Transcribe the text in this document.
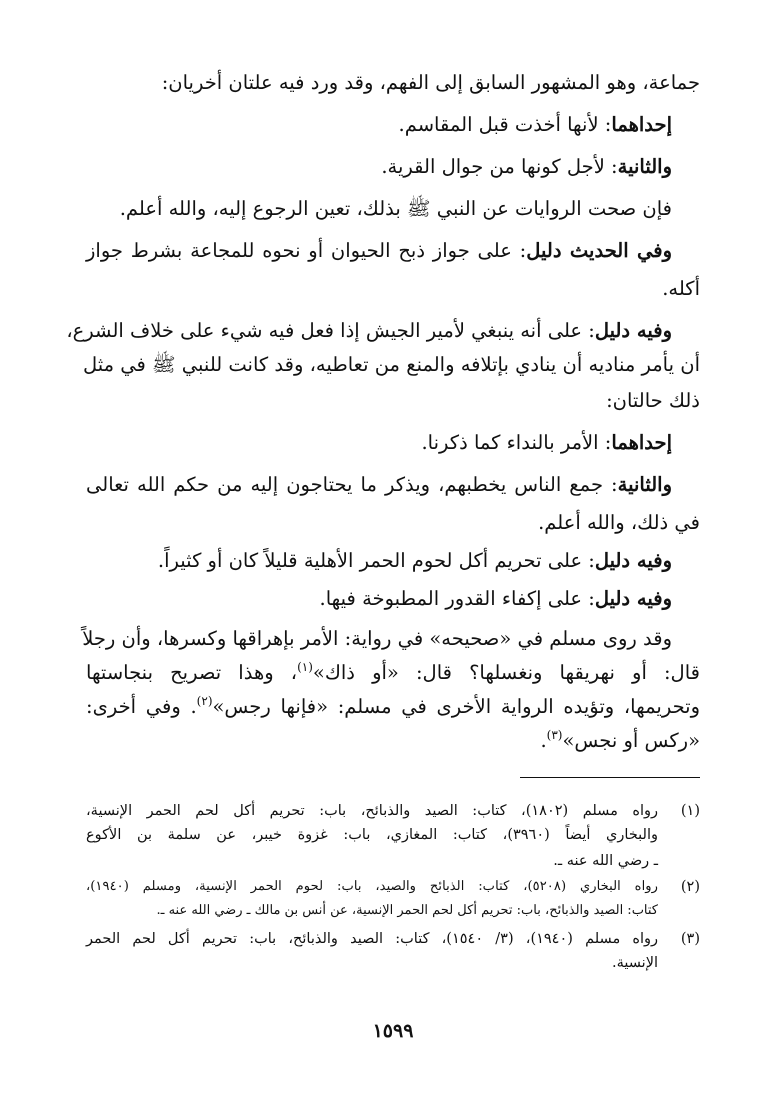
جماعة، وهو المشهور السابق إلى الفهم، وقد ورد فيه علتان أخريان:
إحداهما: لأنها أخذت قبل المقاسم.
والثانية: لأجل كونها من جوال القرية.
فإن صحت الروايات عن النبي ﷺ بذلك، تعين الرجوع إليه، والله أعلم.
وفي الحديث دليل: على جواز ذبح الحيوان أو نحوه للمجاعة بشرط جواز
أكله.
وفيه دليل: على أنه ينبغي لأمير الجيش إذا فعل فيه شيء على خلاف الشرع،
أن يأمر مناديه أن ينادي بإتلافه والمنع من تعاطيه، وقد كانت للنبي ﷺ في مثل
ذلك حالتان:
إحداهما: الأمر بالنداء كما ذكرنا.
والثانية: جمع الناس يخطبهم، ويذكر ما يحتاجون إليه من حكم الله تعالى
في ذلك، والله أعلم.
وفيه دليل: على تحريم أكل لحوم الحمر الأهلية قليلاً كان أو كثيراً.
وفيه دليل: على إكفاء القدور المطبوخة فيها.
وقد روى مسلم في «صحيحه» في رواية: الأمر بإهراقها وكسرها، وأن رجلاً
قال: أو نهريقها ونغسلها؟ قال: «أو ذاك»$^{(١)}$، وهذا تصريح بنجاستها
وتحريمها، وتؤيده الرواية الأخرى في مسلم: «فإنها رجس»$^{(٢)}$. وفي أخرى:
«ركس أو نجس»$^{(٣)}$.
(١)
رواه مسلم (١٨٠٢)، كتاب: الصيد والذبائح، باب: تحريم أكل لحم الحمر الإنسية،
والبخاري أيضاً (٣٩٦٠)، كتاب: المغازي، باب: غزوة خيبر، عن سلمة بن الأكوع
ـ رضي الله عنه ـ.
(٢)
رواه البخاري (٥٢٠٨)، كتاب: الذبائح والصيد، باب: لحوم الحمر الإنسية، ومسلم (١٩٤٠)،
كتاب: الصيد والذبائح، باب: تحريم أكل لحم الحمر الإنسية، عن أنس بن مالك ـ رضي الله عنه ـ.
(٣)
رواه مسلم (١٩٤٠)، (٣/ ١٥٤٠)، كتاب: الصيد والذبائح، باب: تحريم أكل لحم الحمر
الإنسية.
١٥٩٩
